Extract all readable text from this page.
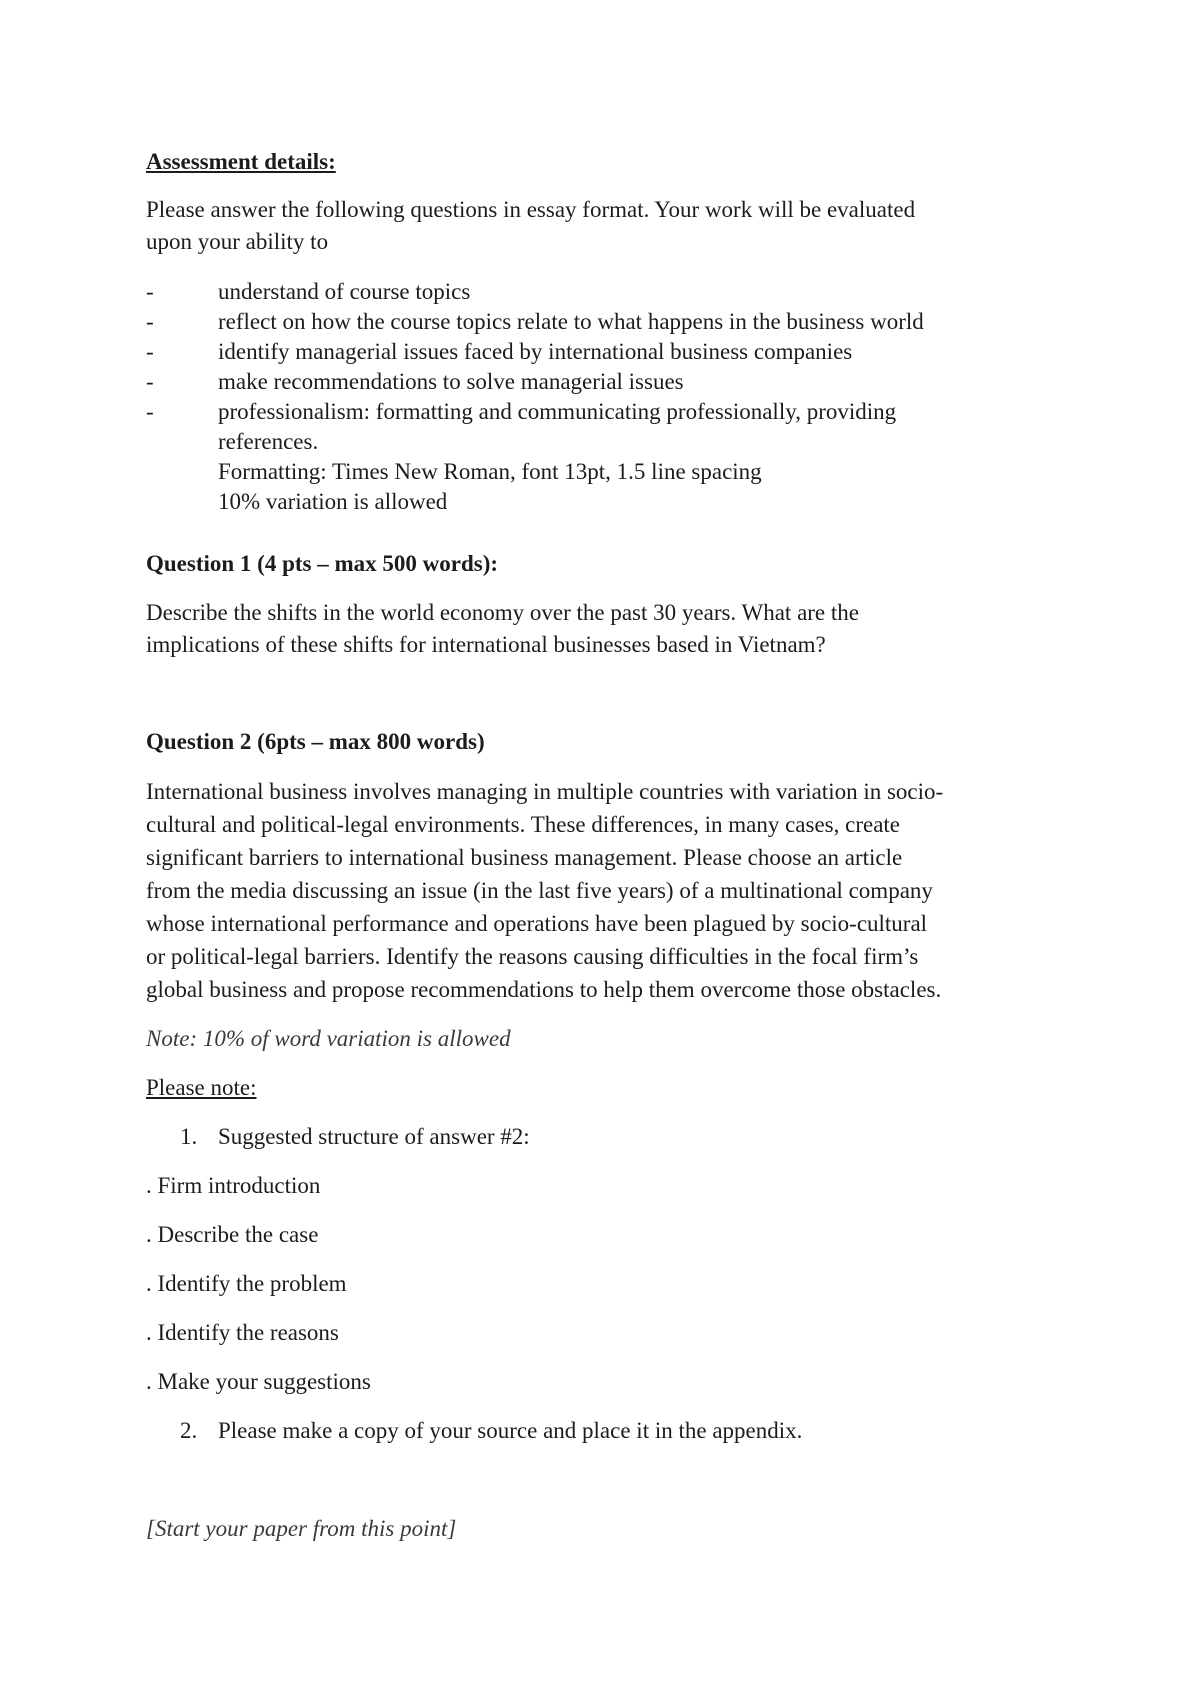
Assessment details:
Please answer the following questions in essay format. Your work will be evaluated
upon your ability to
-	understand of course topics
-	reflect on how the course topics relate to what happens in the business world
-	identify managerial issues faced by international business companies
-	make recommendations to solve managerial issues
-	professionalism: formatting and communicating professionally, providing
references.
Formatting: Times New Roman, font 13pt, 1.5 line spacing
10% variation is allowed
Question 1 (4 pts – max 500 words):
Describe the shifts in the world economy over the past 30 years. What are the
implications of these shifts for international businesses based in Vietnam?
Question 2 (6pts – max 800 words)
International business involves managing in multiple countries with variation in socio-
cultural and political-legal environments. These differences, in many cases, create
significant barriers to international business management. Please choose an article
from the media discussing an issue (in the last five years) of a multinational company
whose international performance and operations have been plagued by socio-cultural
or political-legal barriers. Identify the reasons causing difficulties in the focal firm’s
global business and propose recommendations to help them overcome those obstacles.
Note: 10% of word variation is allowed
Please note:
1. Suggested structure of answer #2:
. Firm introduction
. Describe the case
. Identify the problem
. Identify the reasons
. Make your suggestions
2. Please make a copy of your source and place it in the appendix.
[Start your paper from this point]
